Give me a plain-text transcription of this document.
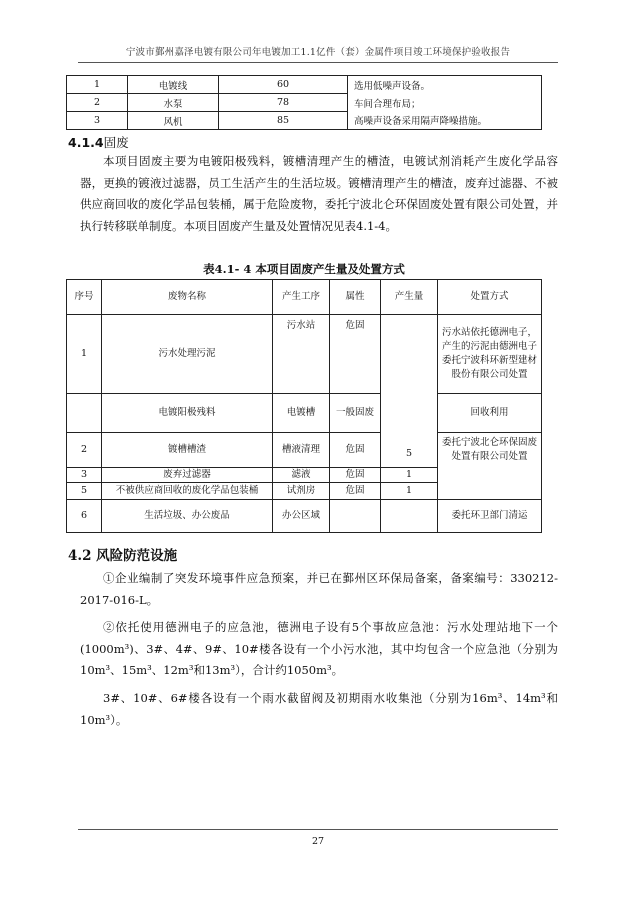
宁波市鄞州嘉泽电镀有限公司年电镀加工1.1亿件（套）金属件项目竣工环境保护验收报告
1	电镀线	60	选用低噪声设备。
2	水泵	78	车间合理布局；
3	风机	85	高噪声设备采用隔声降噪措施。
4.1.4固废

本项目固废主要为电镀阳极残料，镀槽清理产生的槽渣，电镀试剂消耗产生废化学品容器，更换的镀液过滤器，员工生活产生的生活垃圾。镀槽清理产生的槽渣，废弃过滤器、不被供应商回收的废化学品包装桶，属于危险废物，委托宁波北仑环保固废处置有限公司处置，并执行转移联单制度。本项目固废产生量及处置情况见表4.1-4。

表4.1- 4 本项目固废产生量及处置方式
序号	废物名称	产生工序	属性	产生量	处置方式
1	污水处理污泥	污水站	危固	5	污水站依托德洲电子，产生的污泥由德洲电子委托宁波科环新型建材股份有限公司处置
	电镀阳极残料	电镀槽	一般固废		回收利用
2	镀槽槽渣	槽液清理	危固		委托宁波北仑环保固废处置有限公司处置
3	废弃过滤器	滤液	危固	1	
5	不被供应商回收的废化学品包装桶	试剂房	危固	1	
6	生活垃圾、办公废品	办公区域			委托环卫部门清运
4.2 风险防范设施

①企业编制了突发环境事件应急预案，并已在鄞州区环保局备案，备案编号：330212-2017-016-L。

②依托使用德洲电子的应急池，德洲电子设有5个事故应急池：污水处理站地下一个(1000m³)、3#、4#、9#、10#楼各设有一个小污水池，其中均包含一个应急池（分别为10m³、15m³、12m³和13m³），合计约1050m³。

3#、10#、6#楼各设有一个雨水截留阀及初期雨水收集池（分别为16m³、14m³和10m³）。

27
